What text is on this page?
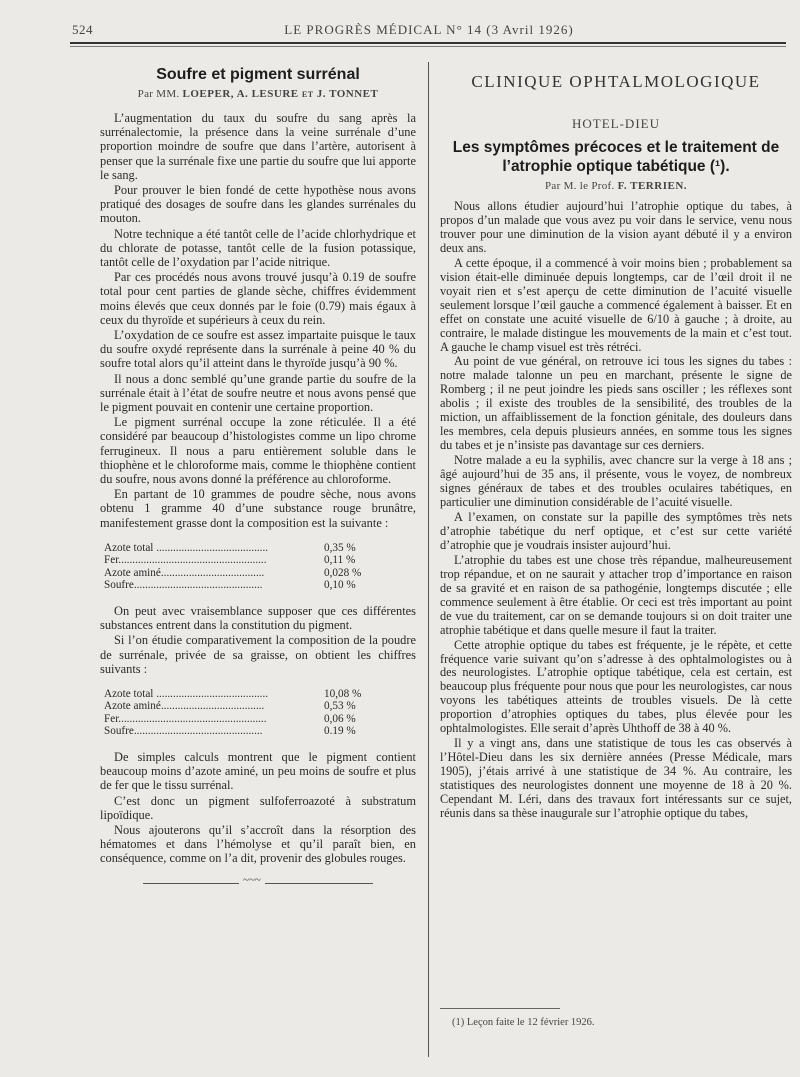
524	LE PROGRÈS MÉDICAL N° 14 (3 Avril 1926)
Soufre et pigment surrénal
Par MM. LOEPER, A. LESURE et J. TONNET

L’augmentation du taux du soufre du sang après la surrénalectomie, la présence dans la veine surrénale d’une proportion moindre de soufre que dans l’artère, autorisent à penser que la surrénale fixe une partie du soufre que lui apporte le sang.

Pour prouver le bien fondé de cette hypothèse nous avons pratiqué des dosages de soufre dans les glandes surrénales du mouton.

Notre technique a été tantôt celle de l’acide chlorhydrique et du chlorate de potasse, tantôt celle de la fusion potassique, tantôt celle de l’oxydation par l’acide nitrique.

Par ces procédés nous avons trouvé jusqu’à 0.19 de soufre total pour cent parties de glande sèche, chiffres évidemment moins élevés que ceux donnés par le foie (0.79) mais égaux à ceux du thyroïde et supérieurs à ceux du rein.

L’oxydation de ce soufre est assez impartaite puisque le taux du soufre oxydé représente dans la surrénale à peine 40 % du soufre total alors qu’il atteint dans le thyroïde jusqu’à 90 %.

Il nous a donc semblé qu’une grande partie du soufre de la surrénale était à l’état de soufre neutre et nous avons pensé que le pigment pouvait en contenir une certaine proportion.

Le pigment surrénal occupe la zone réticulée. Il a été considéré par beaucoup d’histologistes comme un lipo chrome ferrugineux. Il nous a paru entièrement soluble dans le thiophène et le chloroforme mais, comme le thiophène contient du soufre, nous avons donné la préférence au chloroforme.

En partant de 10 grammes de poudre sèche, nous avons obtenu 1 gramme 40 d’une substance rouge brunâtre, manifestement grasse dont la composition est la suivante :

Azote total ........................................	0,35 %
Fer.....................................................	0,11 %
Azote aminé.....................................	0,028 %
Soufre..............................................	0,10 %

On peut avec vraisemblance supposer que ces différentes substances entrent dans la constitution du pigment.

Si l’on étudie comparativement la composition de la poudre de surrénale, privée de sa graisse, on obtient les chiffres suivants :

Azote total ........................................	10,08 %
Azote aminé.....................................	0,53 %
Fer.....................................................	0,06 %
Soufre..............................................	0.19 %

De simples calculs montrent que le pigment contient beaucoup moins d’azote aminé, un peu moins de soufre et plus de fer que le tissu surrénal.

C’est donc un pigment sulfoferroazoté à substratum lipoïdique.

Nous ajouterons qu’il s’accroît dans la résorption des hématomes et dans l’hémolyse et qu’il paraît bien, en conséquence, comme on l’a dit, provenir des globules rouges.

~~~
CLINIQUE OPHTALMOLOGIQUE
HOTEL-DIEU
Les symptômes précoces et le traitement de l’atrophie optique tabétique (¹).
Par M. le Prof. F. TERRIEN.

Nous allons étudier aujourd’hui l’atrophie optique du tabes, à propos d’un malade que vous avez pu voir dans le service, venu nous trouver pour une diminution de la vision ayant débuté il y a environ deux ans.

A cette époque, il a commencé à voir moins bien ; probablement sa vision était-elle diminuée depuis longtemps, car de l’œil droit il ne voyait rien et s’est aperçu de cette diminution de l’acuité visuelle seulement lorsque l’œil gauche a commencé également à baisser. Et en effet on constate une acuité visuelle de 6/10 à gauche ; à droite, au contraire, le malade distingue les mouvements de la main et c’est tout. A gauche le champ visuel est très rétréci.

Au point de vue général, on retrouve ici tous les signes du tabes : notre malade talonne un peu en marchant, présente le signe de Romberg ; il ne peut joindre les pieds sans osciller ; les réflexes sont abolis ; il existe des troubles de la sensibilité, des troubles de la miction, un affaiblissement de la fonction génitale, des douleurs dans les membres, cela depuis plusieurs années, en somme tous les signes du tabes et je n’insiste pas davantage sur ces derniers.

Notre malade a eu la syphilis, avec chancre sur la verge à 18 ans ; âgé aujourd’hui de 35 ans, il présente, vous le voyez, de nombreux signes généraux de tabes et des troubles oculaires tabétiques, en particulier une diminution considérable de l’acuité visuelle.

A l’examen, on constate sur la papille des symptômes très nets d’atrophie tabétique du nerf optique, et c’est sur cette variété d’atrophie que je voudrais insister aujourd’hui.

L’atrophie du tabes est une chose très répandue, malheureusement trop répandue, et on ne saurait y attacher trop d’importance en raison de sa gravité et en raison de sa pathogénie, longtemps discutée ; elle commence seulement à être établie. Or ceci est très important au point de vue du traitement, car on se demande toujours si on doit traiter une atrophie tabétique et dans quelle mesure il faut la traiter.

Cette atrophie optique du tabes est fréquente, je le répète, et cette fréquence varie suivant qu’on s’adresse à des ophtalmologistes ou à des neurologistes. L’atrophie optique tabétique, cela est certain, est beaucoup plus fréquente pour nous que pour les neurologistes, car nous voyons les tabétiques atteints de troubles visuels. De là cette proportion d’atrophies optiques du tabes, plus élevée pour les ophtalmologistes. Elle serait d’après Uhthoff de 38 à 40 %.

Il y a vingt ans, dans une statistique de tous les cas observés à l’Hôtel-Dieu dans les six dernière années (Presse Médicale, mars 1905), j’étais arrivé à une statistique de 34 %. Au contraire, les statistiques des neurologistes donnent une moyenne de 18 à 20 %. Cependant M. Léri, dans des travaux fort intéressants sur ce sujet, réunis dans sa thèse inaugurale sur l’atrophie optique du tabes,

(1) Leçon faite le 12 février 1926.
